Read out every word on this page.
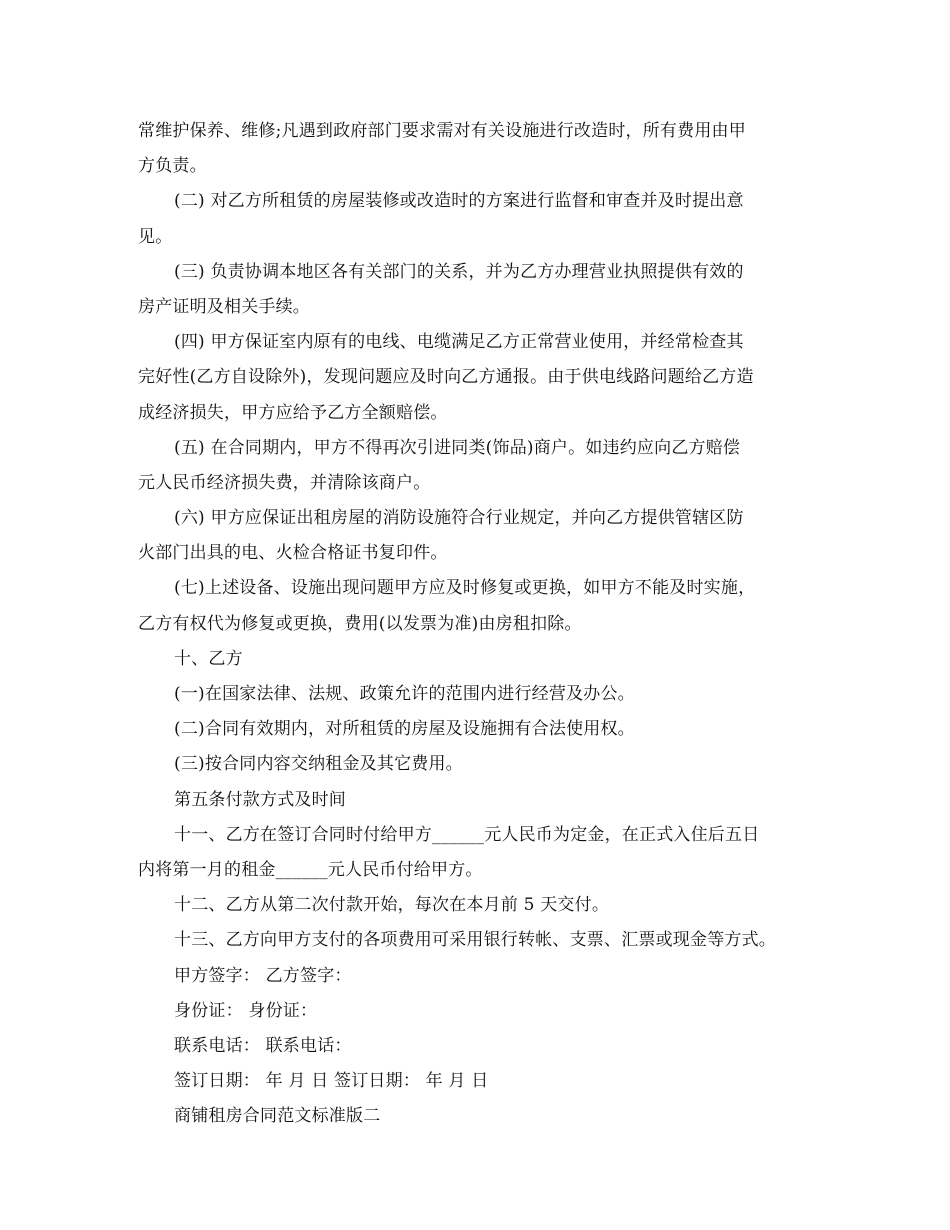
常维护保养、维修;凡遇到政府部门要求需对有关设施进行改造时，所有费用由甲
方负责。
(二) 对乙方所租赁的房屋装修或改造时的方案进行监督和审查并及时提出意
见。
(三) 负责协调本地区各有关部门的关系，并为乙方办理营业执照提供有效的
房产证明及相关手续。
(四) 甲方保证室内原有的电线、电缆满足乙方正常营业使用，并经常检查其
完好性(乙方自设除外)，发现问题应及时向乙方通报。由于供电线路问题给乙方造
成经济损失，甲方应给予乙方全额赔偿。
(五) 在合同期内，甲方不得再次引进同类(饰品)商户。如违约应向乙方赔偿
元人民币经济损失费，并清除该商户。
(六) 甲方应保证出租房屋的消防设施符合行业规定，并向乙方提供管辖区防
火部门出具的电、火检合格证书复印件。
(七)上述设备、设施出现问题甲方应及时修复或更换，如甲方不能及时实施，
乙方有权代为修复或更换，费用(以发票为准)由房租扣除。
十、乙方
(一)在国家法律、法规、政策允许的范围内进行经营及办公。
(二)合同有效期内，对所租赁的房屋及设施拥有合法使用权。
(三)按合同内容交纳租金及其它费用。
第五条付款方式及时间
十一、乙方在签订合同时付给甲方______元人民币为定金，在正式入住后五日
内将第一月的租金______元人民币付给甲方。
十二、乙方从第二次付款开始，每次在本月前 5 天交付。
十三、乙方向甲方支付的各项费用可采用银行转帐、支票、汇票或现金等方式。
甲方签字： 乙方签字：
身份证： 身份证：
联系电话： 联系电话：
签订日期： 年 月 日 签订日期： 年 月 日
商铺租房合同范文标准版二
